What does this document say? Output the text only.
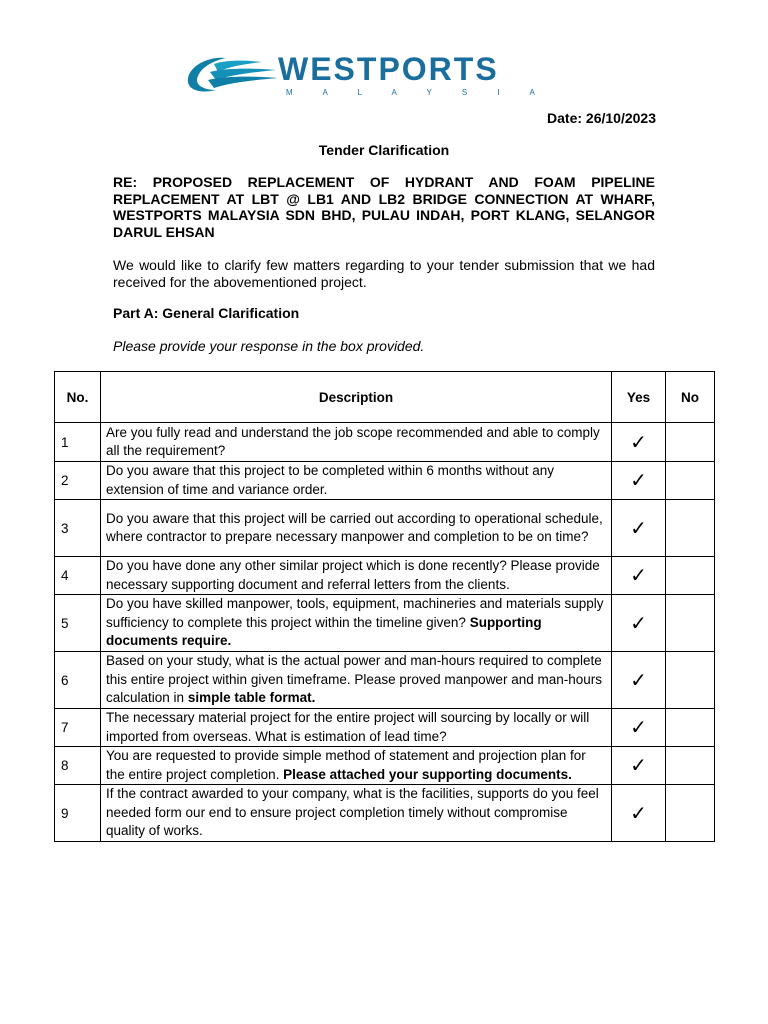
WESTPORTS
M A L A Y S I A
Date: 26/10/2023
Tender Clarification
RE: PROPOSED REPLACEMENT OF HYDRANT AND FOAM PIPELINE REPLACEMENT AT LBT @ LB1 AND LB2 BRIDGE CONNECTION AT WHARF, WESTPORTS MALAYSIA SDN BHD, PULAU INDAH, PORT KLANG, SELANGOR DARUL EHSAN
We would like to clarify few matters regarding to your tender submission that we had received for the abovementioned project.
Part A: General Clarification
Please provide your response in the box provided.
No.	Description	Yes	No
1	Are you fully read and understand the job scope recommended and able to comply all the requirement?	✓	
2	Do you aware that this project to be completed within 6 months without any extension of time and variance order.	✓	
3	Do you aware that this project will be carried out according to operational schedule, where contractor to prepare necessary manpower and completion to be on time?	✓	
4	Do you have done any other similar project which is done recently? Please provide necessary supporting document and referral letters from the clients.	✓	
5	Do you have skilled manpower, tools, equipment, machineries and materials supply sufficiency to complete this project within the timeline given? Supporting documents require.	✓	
6	Based on your study, what is the actual power and man-hours required to complete this entire project within given timeframe. Please proved manpower and man-hours calculation in simple table format.	✓	
7	The necessary material project for the entire project will sourcing by locally or will imported from overseas. What is estimation of lead time?	✓	
8	You are requested to provide simple method of statement and projection plan for the entire project completion. Please attached your supporting documents.	✓	
9	If the contract awarded to your company, what is the facilities, supports do you feel needed form our end to ensure project completion timely without compromise quality of works.	✓	
